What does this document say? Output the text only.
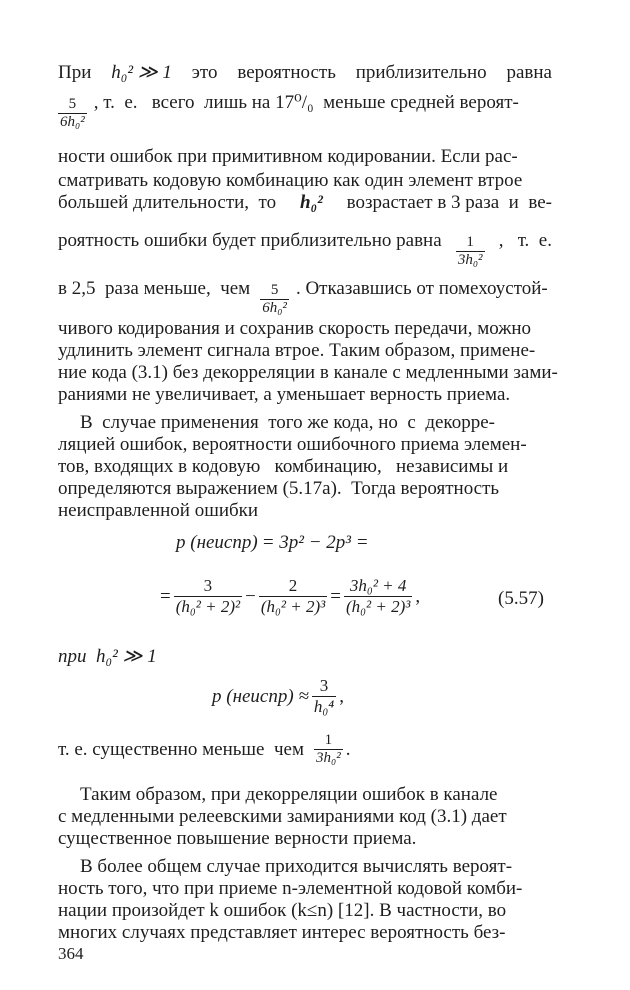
При h₀² ≫ 1 это вероятность приблизительно равна
$\frac{5}{\text{6h₀²}}$ , т.  е.   всего  лишь на 17⁰/₀  меньше средней вероят-
ности ошибок при примитивном кодировании. Если рас-
сматривать кодовую комбинацию как один элемент втрое
большей длительности,  то h₀² возрастает в 3 раза  и  ве-
роятность ошибки будет приблизительно равна $\frac{1}{\text{3h₀²}}$ ,   т.  е.
в 2,5  раза меньше,  чем $\frac{5}{\text{6h₀²}}$ . Отказавшись от помехоустой-
чивого кодирования и сохранив скорость передачи, можно
удлинить элемент сигнала втрое. Таким образом, примене-
ние кода (3.1) без декорреляции в канале с медленными зами-
раниями не увеличивает, а уменьшает верность приема.
В  случае применения  того же кода, но  с  декорре-
ляцией ошибок, вероятности ошибочного приема элемен-
тов, входящих в кодовую   комбинацию,   независимы и
определяются выражением (5.17а).  Тогда вероятность
неисправленной ошибки
p (неиспр) = 3p² − 2p³ =
= $\frac{3}{\text{(h₀² + 2)²}} - \frac{2}{\text{(h₀² + 2)³}} = \frac{\text{3h₀² + 4}}{\text{(h₀² + 2)³}}$ ,	(5.57)
при  h₀² ≫ 1
p (неиспр) ≈ $\frac{3}{\text{h₀⁴}}$ ,
т. е. существенно меньше  чем $\frac{1}{\text{3h₀²}}$ .
Таким образом, при декорреляции ошибок в канале
с медленными релеевскими замираниями код (3.1) дает
существенное повышение верности приема.
В более общем случае приходится вычислять вероят-
ность того, что при приеме n-элементной кодовой комби-
нации произойдет k ошибок (k≤n) [12]. В частности, во
многих случаях представляет интерес вероятность без-
364
